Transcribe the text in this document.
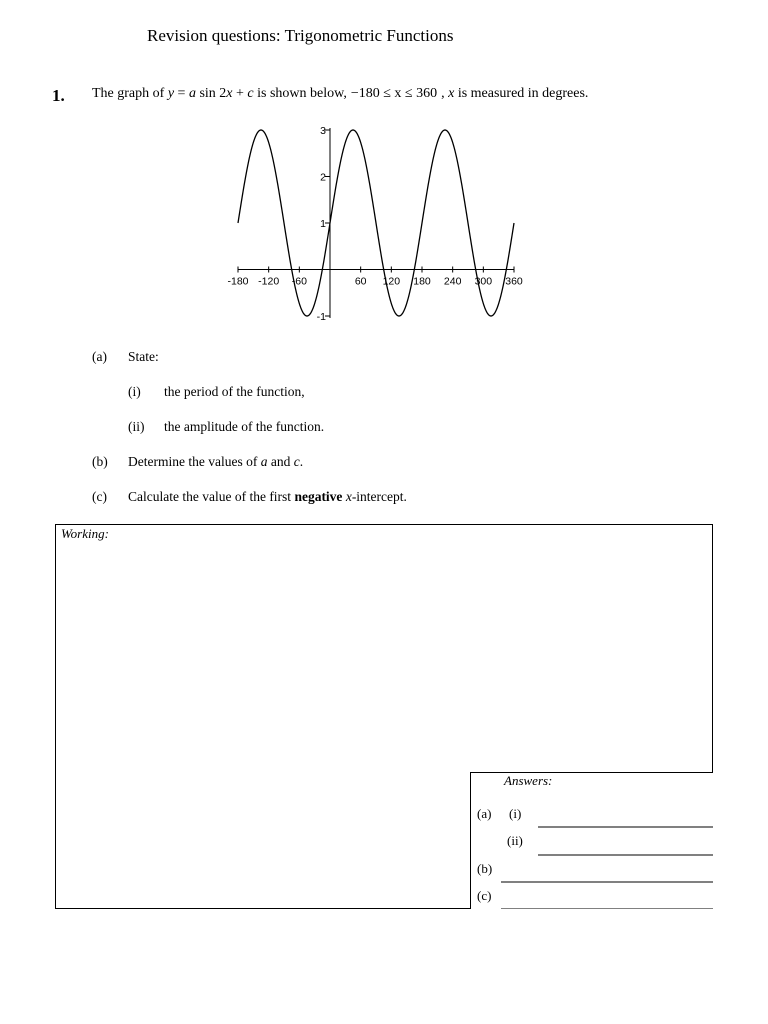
Revision questions: Trigonometric Functions
1. The graph of y = a sin 2x + c is shown below, −180 ≤ x ≤ 360 , x is measured in degrees.
-180 -120 -60	60 120 180 240 300 360
3
2
1
-1
(a) State:
(i) the period of the function,
(ii) the amplitude of the function.
(b) Determine the values of a and c.
(c) Calculate the value of the first negative x-intercept.
Working:
Answers:
(a) (i)
(ii)
(b)
(c)
